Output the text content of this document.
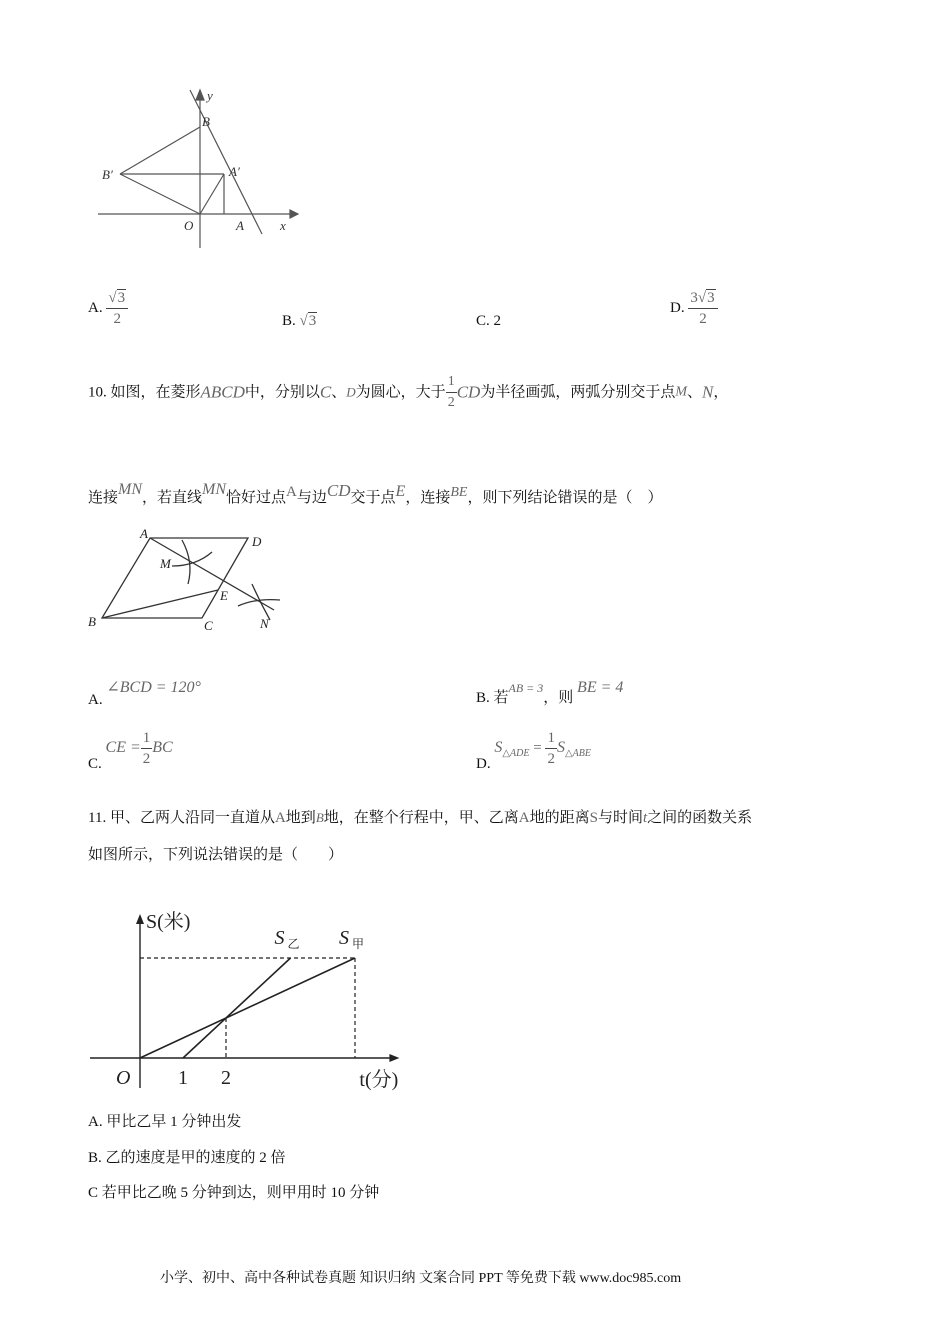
y
B
B′	A′
O	A	x
A. $\frac{√3}{2}$	B. √3	C. 2
D. $\frac{3√3}{2}$
10. 如图，在菱形ABCD中，分别以C、D为圆心，大于 $\frac{1}{2}$ CD为半径画弧，两弧分别交于点M、N，
连接MN，若直线MN恰好过点A与边CD交于点E，连接BE，则下列结论错误的是（　）
A
D
M
E
B	C	N
A. ∠BCD = 120°
B. 若$^{AB = 3}$，则 BE = 4
C. CE = $\frac{1}{2}$ BC
D. $S_{\triangle ADE} = \frac{1}{2} S_{\triangle ABE}$
11. 甲、乙两人沿同一直道从A地到B地，在整个行程中，甲、乙离A地的距离S与时间t之间的函数关系
如图所示，下列说法错误的是（　　）
S(米)
t(分)
O 1 2
S 甲
S 乙
A. 甲比乙早 1 分钟出发
B. 乙的速度是甲的速度的 2 倍
C 若甲比乙晚 5 分钟到达，则甲用时 10 分钟
小学、初中、高中各种试卷真题 知识归纳 文案合同 PPT 等免费下载 www.doc985.com
